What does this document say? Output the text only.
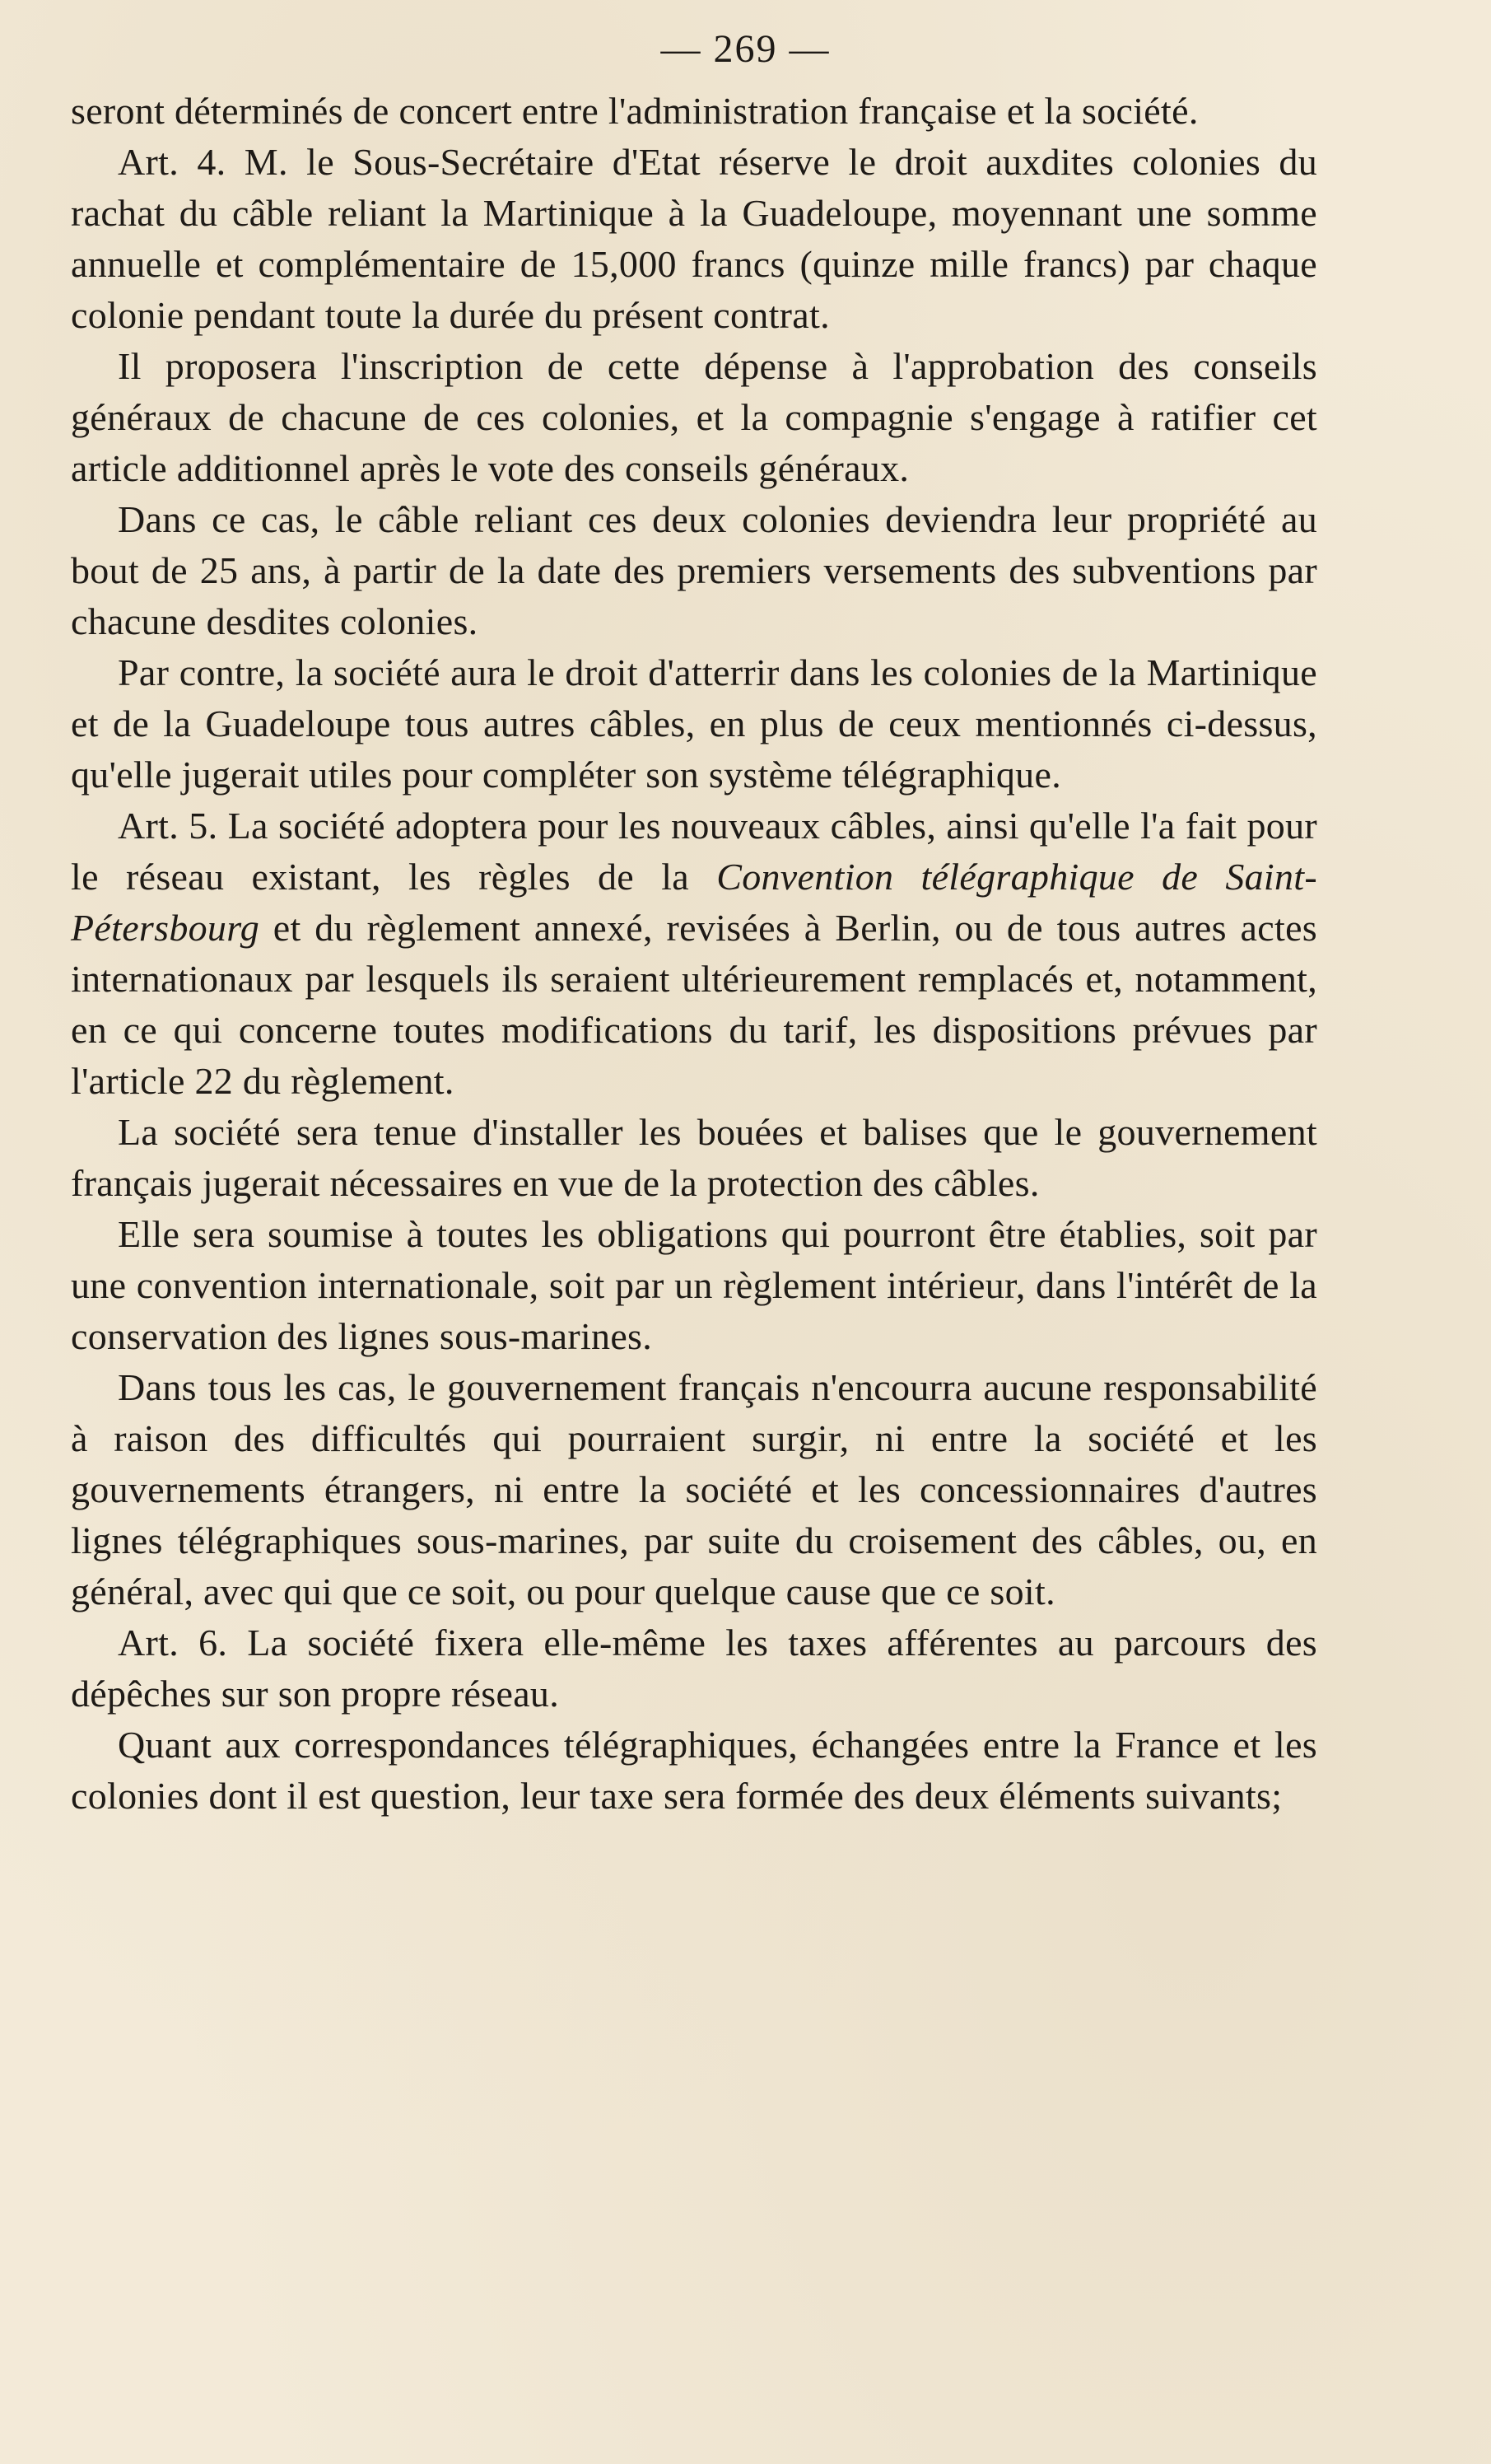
— 269 —

seront déterminés de concert entre l'administration française et la société.

Art. 4. M. le Sous-Secrétaire d'Etat réserve le droit auxdites colonies du rachat du câble reliant la Martinique à la Guadeloupe, moyennant une somme annuelle et complémentaire de 15,000 francs (quinze mille francs) par chaque colonie pendant toute la durée du présent contrat.

Il proposera l'inscription de cette dépense à l'approbation des conseils généraux de chacune de ces colonies, et la compagnie s'engage à ratifier cet article additionnel après le vote des conseils généraux.

Dans ce cas, le câble reliant ces deux colonies deviendra leur propriété au bout de 25 ans, à partir de la date des premiers versements des subventions par chacune desdites colonies.

Par contre, la société aura le droit d'atterrir dans les colonies de la Martinique et de la Guadeloupe tous autres câbles, en plus de ceux mentionnés ci-dessus, qu'elle jugerait utiles pour compléter son système télégraphique.

Art. 5. La société adoptera pour les nouveaux câbles, ainsi qu'elle l'a fait pour le réseau existant, les règles de la Convention télégraphique de Saint-Pétersbourg et du règlement annexé, revisées à Berlin, ou de tous autres actes internationaux par lesquels ils seraient ultérieurement remplacés et, notamment, en ce qui concerne toutes modifications du tarif, les dispositions prévues par l'article 22 du règlement.

La société sera tenue d'installer les bouées et balises que le gouvernement français jugerait nécessaires en vue de la protection des câbles.

Elle sera soumise à toutes les obligations qui pourront être établies, soit par une convention internationale, soit par un règlement intérieur, dans l'intérêt de la conservation des lignes sous-marines.

Dans tous les cas, le gouvernement français n'encourra aucune responsabilité à raison des difficultés qui pourraient surgir, ni entre la société et les gouvernements étrangers, ni entre la société et les concessionnaires d'autres lignes télégraphiques sous-marines, par suite du croisement des câbles, ou, en général, avec qui que ce soit, ou pour quelque cause que ce soit.

Art. 6. La société fixera elle-même les taxes afférentes au parcours des dépêches sur son propre réseau.

Quant aux correspondances télégraphiques, échangées entre la France et les colonies dont il est question, leur taxe sera formée des deux éléments suivants;
